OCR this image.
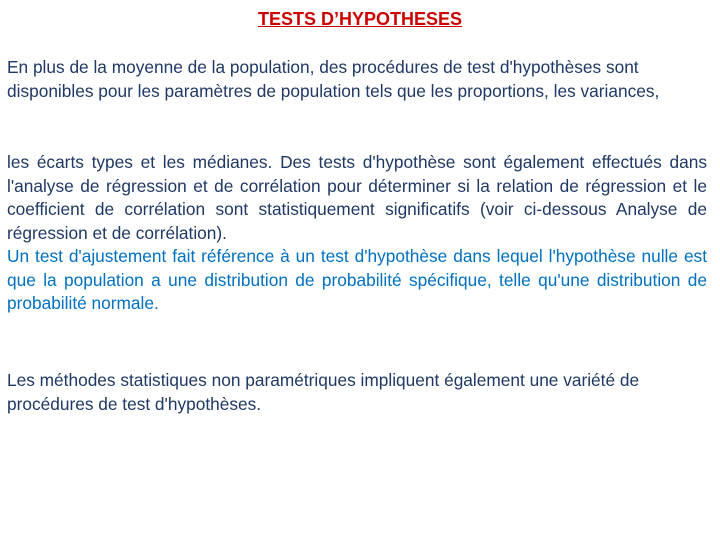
TESTS D’HYPOTHESES

En plus de la moyenne de la population, des procédures de test d'hypothèses sont disponibles pour les paramètres de population tels que les proportions, les variances,

les écarts types et les médianes. Des tests d'hypothèse sont également effectués dans l'analyse de régression et de corrélation pour déterminer si la relation de régression et le coefficient de corrélation sont statistiquement significatifs (voir ci-dessous Analyse de régression et de corrélation).

Un test d'ajustement fait référence à un test d'hypothèse dans lequel l'hypothèse nulle est que la population a une distribution de probabilité spécifique, telle qu'une distribution de probabilité normale.

Les méthodes statistiques non paramétriques impliquent également une variété de procédures de test d'hypothèses.
